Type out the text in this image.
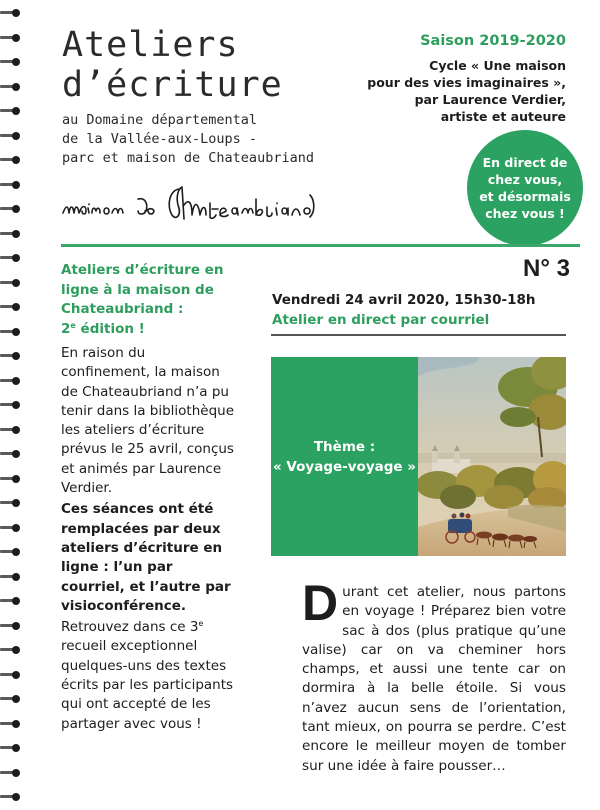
Ateliers
d’écriture
au Domaine départemental
de la Vallée-aux-Loups -
parc et maison de Chateaubriand
Saison 2019-2020
Cycle « Une maison
pour des vies imaginaires »,
par Laurence Verdier,
artiste et auteure
En direct de
chez vous,
et désormais
chez vous !
N° 3
Ateliers d’écriture en
ligne à la maison de
Chateaubriand :
2e édition !

En raison du confinement, la maison de Chateaubriand n’a pu tenir dans la bibliothèque les ateliers d’écriture prévus le 25 avril, conçus et animés par Laurence Verdier.

Ces séances ont été remplacées par deux ateliers d’écriture en ligne : l’un par courriel, et l’autre par visioconférence.

Retrouvez dans ce 3e recueil exceptionnel quelques-uns des textes écrits par les participants qui ont accepté de les partager avec vous !

Vendredi 24 avril 2020, 15h30-18h
Atelier en direct par courriel
Thème :
« Voyage-voyage »
Durant cet atelier, nous partons en voyage ! Préparez bien votre sac à dos (plus pratique qu’une valise) car on va cheminer hors champs, et aussi une tente car on dormira à la belle étoile. Si vous n’avez aucun sens de l’orientation, tant mieux, on pourra se perdre. C’est encore le meilleur moyen de tomber sur une idée à faire pousser…
